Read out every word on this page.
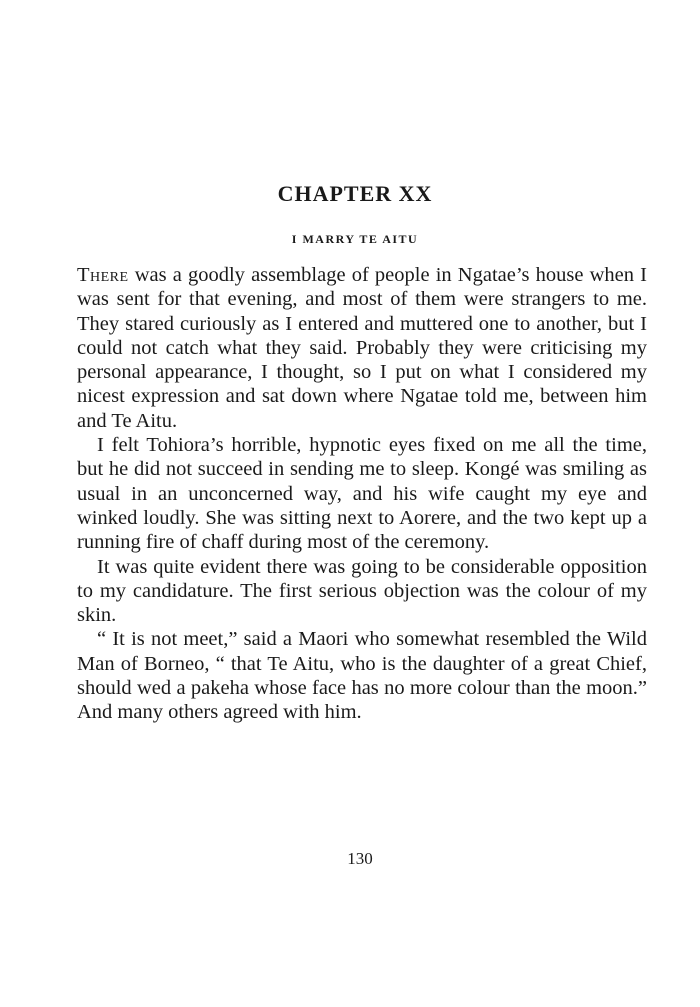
CHAPTER XX
I MARRY TE AITU

There was a goodly assemblage of people in Ngatae’s house when I was sent for that evening, and most of them were strangers to me. They stared curiously as I entered and muttered one to another, but I could not catch what they said. Probably they were criticising my personal appearance, I thought, so I put on what I considered my nicest expression and sat down where Ngatae told me, between him and Te Aitu.

I felt Tohiora’s horrible, hypnotic eyes fixed on me all the time, but he did not succeed in sending me to sleep. Kongé was smiling as usual in an unconcerned way, and his wife caught my eye and winked loudly. She was sitting next to Aorere, and the two kept up a running fire of chaff during most of the ceremony.

It was quite evident there was going to be considerable opposition to my candidature. The first serious objection was the colour of my skin.

“ It is not meet,” said a Maori who somewhat resembled the Wild Man of Borneo, “ that Te Aitu, who is the daughter of a great Chief, should wed a pakeha whose face has no more colour than the moon.” And many others agreed with him.

130
